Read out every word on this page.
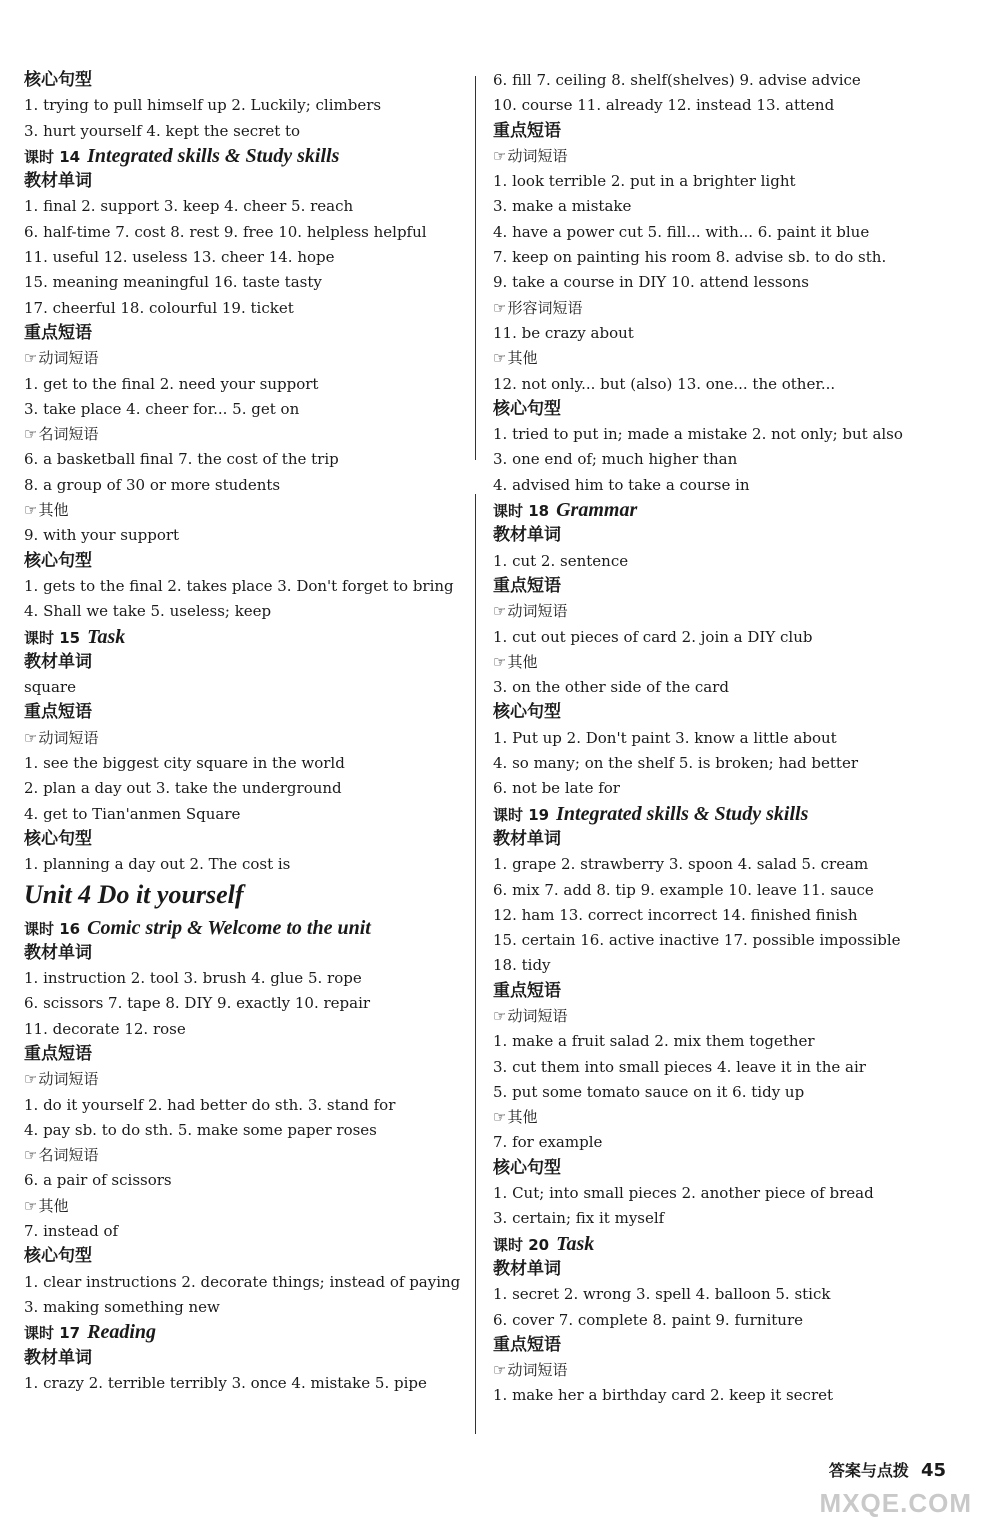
核心句型
1. trying to pull himself up 2. Luckily; climbers
3. hurt yourself 4. kept the secret to
课时 14 Integrated skills & Study skills
教材单词
1. final 2. support 3. keep 4. cheer 5. reach
6. half-time 7. cost 8. rest 9. free 10. helpless helpful
11. useful 12. useless 13. cheer 14. hope
15. meaning meaningful 16. taste tasty
17. cheerful 18. colourful 19. ticket
重点短语
☞动词短语
1. get to the final 2. need your support
3. take place 4. cheer for... 5. get on
☞名词短语
6. a basketball final 7. the cost of the trip
8. a group of 30 or more students
☞其他
9. with your support
核心句型
1. gets to the final 2. takes place 3. Don't forget to bring
4. Shall we take 5. useless; keep
课时 15 Task
教材单词
square
重点短语
☞动词短语
1. see the biggest city square in the world
2. plan a day out 3. take the underground
4. get to Tian'anmen Square
核心句型
1. planning a day out 2. The cost is
Unit 4 Do it yourself
课时 16 Comic strip & Welcome to the unit
教材单词
1. instruction 2. tool 3. brush 4. glue 5. rope
6. scissors 7. tape 8. DIY 9. exactly 10. repair
11. decorate 12. rose
重点短语
☞动词短语
1. do it yourself 2. had better do sth. 3. stand for
4. pay sb. to do sth. 5. make some paper roses
☞名词短语
6. a pair of scissors
☞其他
7. instead of
核心句型
1. clear instructions 2. decorate things; instead of paying
3. making something new
课时 17 Reading
教材单词
1. crazy 2. terrible terribly 3. once 4. mistake 5. pipe
6. fill 7. ceiling 8. shelf(shelves) 9. advise advice
10. course 11. already 12. instead 13. attend
重点短语
☞动词短语
1. look terrible 2. put in a brighter light
3. make a mistake
4. have a power cut 5. fill... with... 6. paint it blue
7. keep on painting his room 8. advise sb. to do sth.
9. take a course in DIY 10. attend lessons
☞形容词短语
11. be crazy about
☞其他
12. not only... but (also) 13. one... the other...
核心句型
1. tried to put in; made a mistake 2. not only; but also
3. one end of; much higher than
4. advised him to take a course in
课时 18 Grammar
教材单词
1. cut 2. sentence
重点短语
☞动词短语
1. cut out pieces of card 2. join a DIY club
☞其他
3. on the other side of the card
核心句型
1. Put up 2. Don't paint 3. know a little about
4. so many; on the shelf 5. is broken; had better
6. not be late for
课时 19 Integrated skills & Study skills
教材单词
1. grape 2. strawberry 3. spoon 4. salad 5. cream
6. mix 7. add 8. tip 9. example 10. leave 11. sauce
12. ham 13. correct incorrect 14. finished finish
15. certain 16. active inactive 17. possible impossible
18. tidy
重点短语
☞动词短语
1. make a fruit salad 2. mix them together
3. cut them into small pieces 4. leave it in the air
5. put some tomato sauce on it 6. tidy up
☞其他
7. for example
核心句型
1. Cut; into small pieces 2. another piece of bread
3. certain; fix it myself
课时 20 Task
教材单词
1. secret 2. wrong 3. spell 4. balloon 5. stick
6. cover 7. complete 8. paint 9. furniture
重点短语
☞动词短语
1. make her a birthday card 2. keep it secret
答案与点拨 45
MXQE.COM
